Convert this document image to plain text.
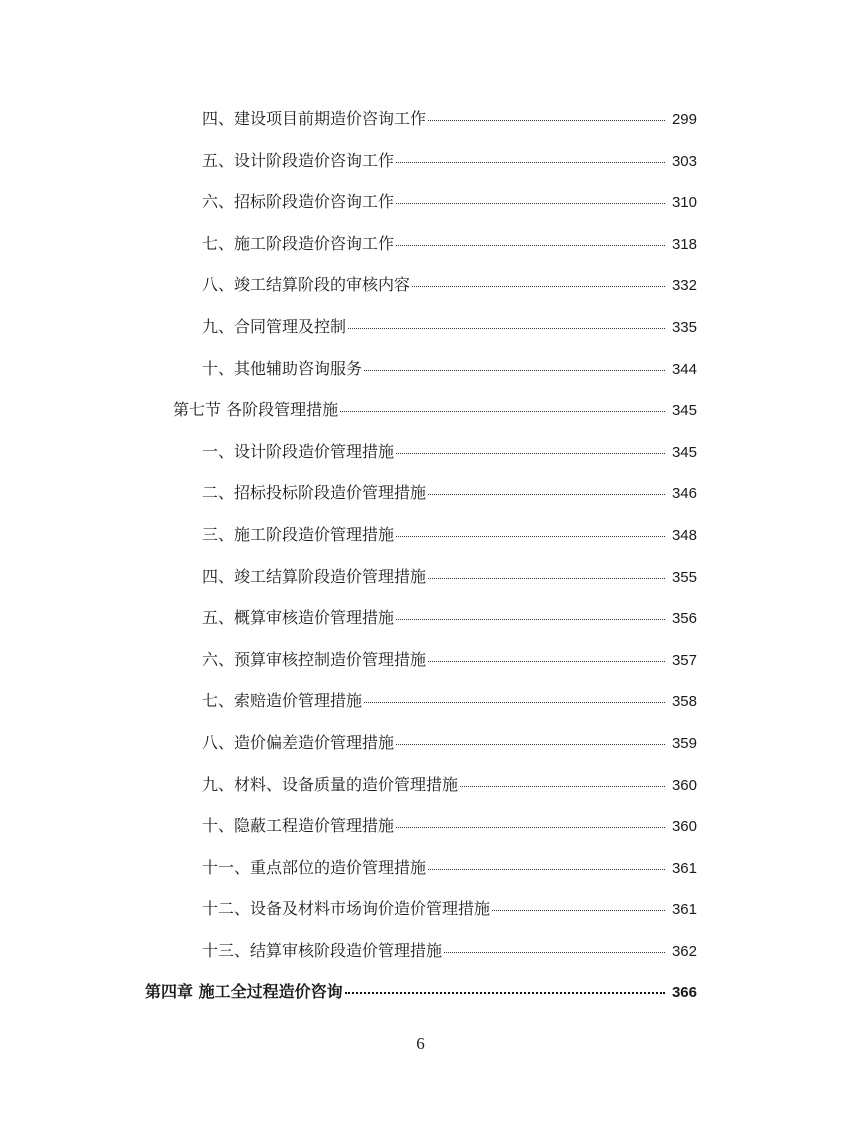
四、建设项目前期造价咨询工作	299
五、设计阶段造价咨询工作	303
六、招标阶段造价咨询工作	310
七、施工阶段造价咨询工作	318
八、竣工结算阶段的审核内容	332
九、合同管理及控制	335
十、其他辅助咨询服务	344
第七节 各阶段管理措施	345
一、设计阶段造价管理措施	345
二、招标投标阶段造价管理措施	346
三、施工阶段造价管理措施	348
四、竣工结算阶段造价管理措施	355
五、概算审核造价管理措施	356
六、预算审核控制造价管理措施	357
七、索赔造价管理措施	358
八、造价偏差造价管理措施	359
九、材料、设备质量的造价管理措施	360
十、隐蔽工程造价管理措施	360
十一、重点部位的造价管理措施	361
十二、设备及材料市场询价造价管理措施	361
十三、结算审核阶段造价管理措施	362
第四章 施工全过程造价咨询	366
6
